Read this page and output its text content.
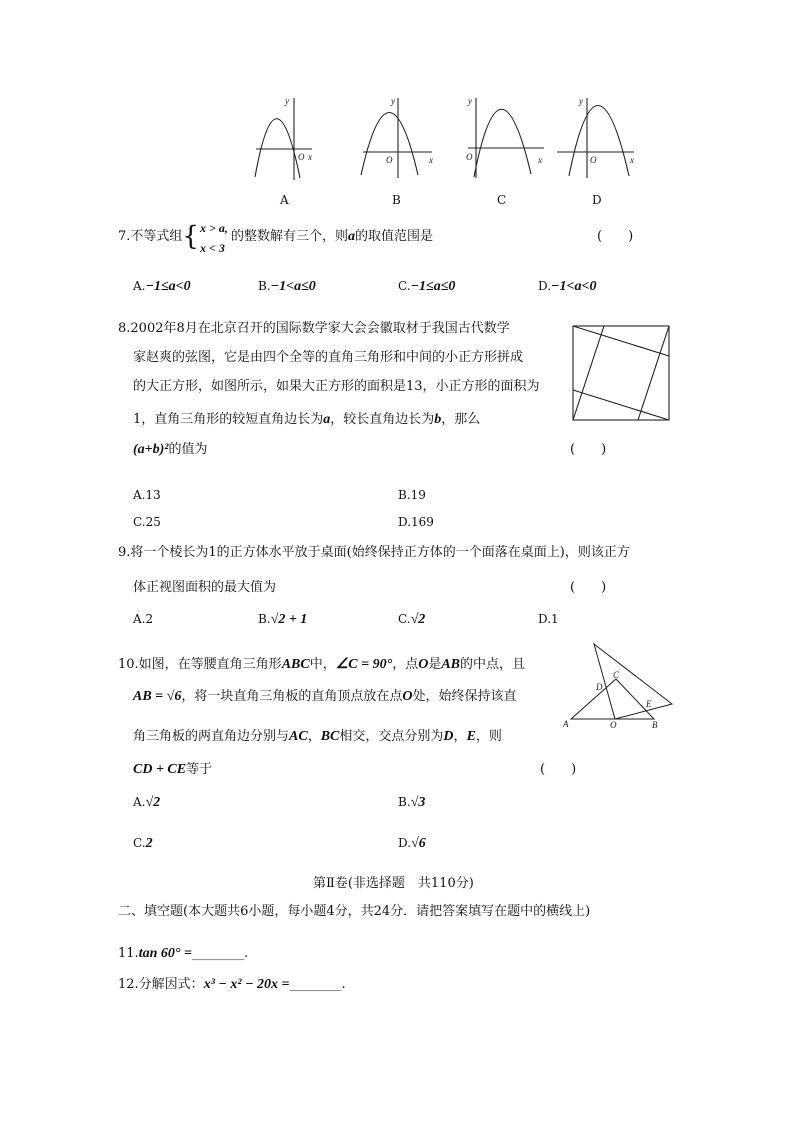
y
O x
y
O	x
y
O	x
y
O	x
A	B	C	D
7.不等式组{ x > a,
x < 3
的整数解有三个，则a的取值范围是	(　　)
A.−1≤a<0	B.−1<a≤0	C.−1≤a≤0	D.−1<a<0
8.2002年8月在北京召开的国际数学家大会会徽取材于我国古代数学
家赵爽的弦图，它是由四个全等的直角三角形和中间的小正方形拼成
的大正方形，如图所示，如果大正方形的面积是13，小正方形的面积为
1，直角三角形的较短直角边长为a，较长直角边长为b，那么
(a+b)²的值为	(　　)
A.13	B.19
C.25	D.169
9.将一个棱长为1的正方体水平放于桌面(始终保持正方体的一个面落在桌面上)，则该正方
体正视图面积的最大值为	(　　)
A.2	B.√2 + 1	C.√2	D.1
10.如图，在等腰直角三角形ABC中，∠C = 90°，点O是AB的中点，且
AB = √6，将一块直角三角板的直角顶点放在点O处，始终保持该直
角三角板的两直角边分别与AC，BC相交，交点分别为D，E，则
CD + CE等于	(　　)
A	B
C
D
E
O
A.√2	B.√3
C.2	D.√6
第Ⅱ卷(非选择题　共110分)
二、填空题(本大题共6小题，每小题4分，共24分．请把答案填写在题中的横线上)
11.tan 60° =________.
12.分解因式：x³ − x² − 20x =________.
